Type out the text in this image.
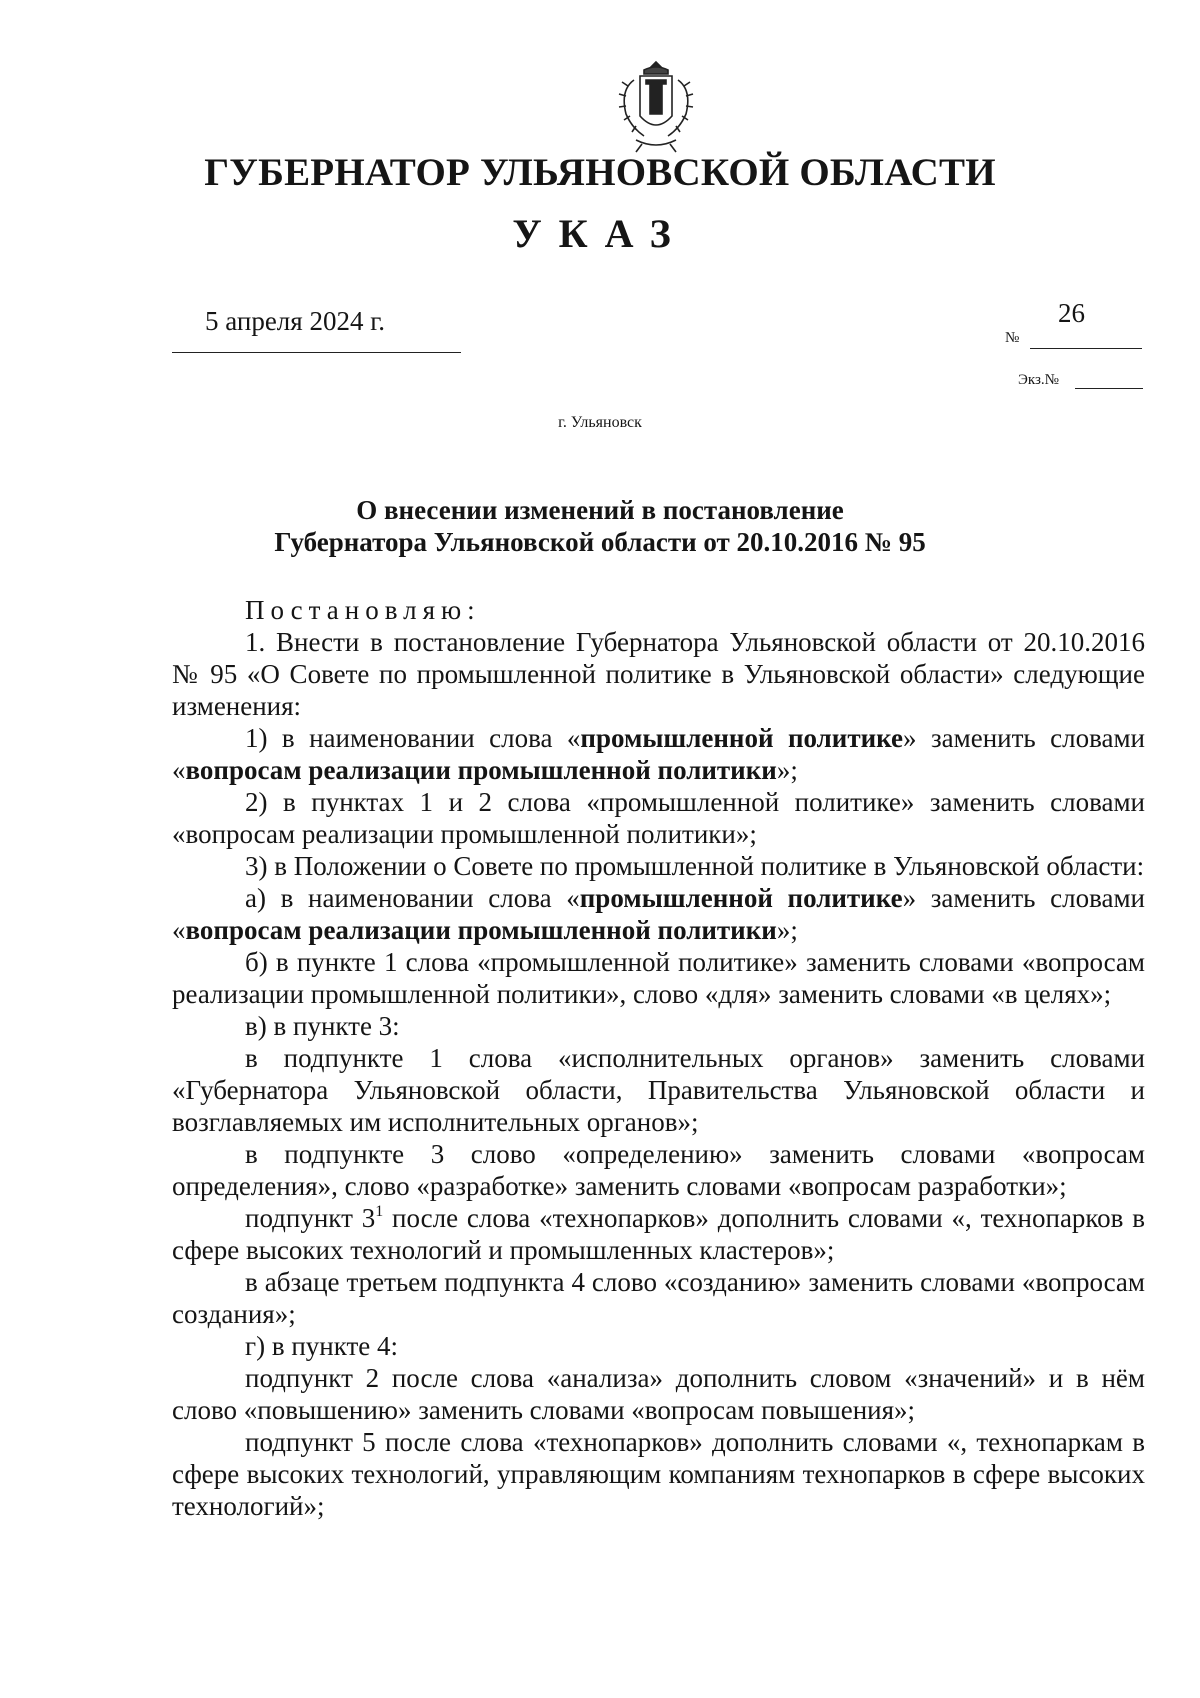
ГУБЕРНАТОР УЛЬЯНОВСКОЙ ОБЛАСТИ
УКАЗ
5 апреля 2024 г.	26
№
Экз.№
г. Ульяновск
О внесении изменений в постановление
Губернатора Ульяновской области от 20.10.2016 № 95

Постановляю:

1. Внести в постановление Губернатора Ульяновской области от 20.10.2016 № 95 «О Совете по промышленной политике в Ульяновской области» следующие изменения:

1) в наименовании слова «промышленной политике» заменить словами «вопросам реализации промышленной политики»;

2) в пунктах 1 и 2 слова «промышленной политике» заменить словами «вопросам реализации промышленной политики»;

3) в Положении о Совете по промышленной политике в Ульяновской области:

а) в наименовании слова «промышленной политике» заменить словами «вопросам реализации промышленной политики»;

б) в пункте 1 слова «промышленной политике» заменить словами «вопросам реализации промышленной политики», слово «для» заменить словами «в целях»;

в) в пункте 3:

в подпункте 1 слова «исполнительных органов» заменить словами «Губернатора Ульяновской области, Правительства Ульяновской области и возглавляемых им исполнительных органов»;

в подпункте 3 слово «определению» заменить словами «вопросам определения», слово «разработке» заменить словами «вопросам разработки»;

подпункт $3^1$ после слова «технопарков» дополнить словами «, технопарков в сфере высоких технологий и промышленных кластеров»;

в абзаце третьем подпункта 4 слово «созданию» заменить словами «вопросам создания»;

г) в пункте 4:

подпункт 2 после слова «анализа» дополнить словом «значений» и в нём слово «повышению» заменить словами «вопросам повышения»;

подпункт 5 после слова «технопарков» дополнить словами «, технопаркам в сфере высоких технологий, управляющим компаниям технопарков в сфере высоких технологий»;
